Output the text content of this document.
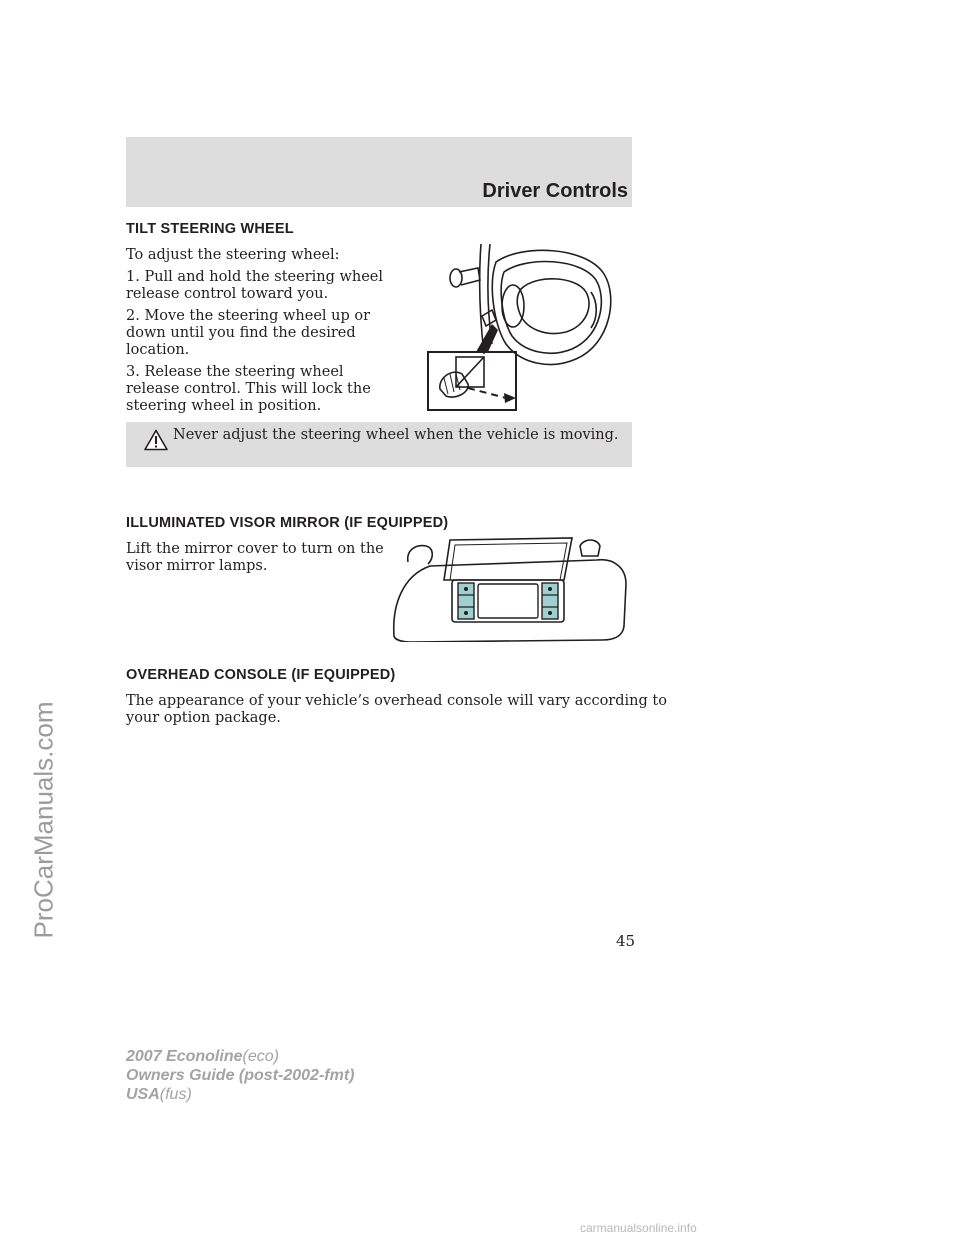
Driver Controls
TILT STEERING WHEEL

To adjust the steering wheel:

1. Pull and hold the steering wheel
release control toward you.

2. Move the steering wheel up or
down until you find the desired
location.

3. Release the steering wheel
release control. This will lock the
steering wheel in position.

Never adjust the steering wheel when the vehicle is moving.
ILLUMINATED VISOR MIRROR (IF EQUIPPED)

Lift the mirror cover to turn on the
visor mirror lamps.

OVERHEAD CONSOLE (IF EQUIPPED)

The appearance of your vehicle’s overhead console will vary according to
your option package.

45
2007 Econoline(eco)
Owners Guide (post-2002-fmt)
USA(fus)
ProCarManuals.com
carmanualsonline.info
